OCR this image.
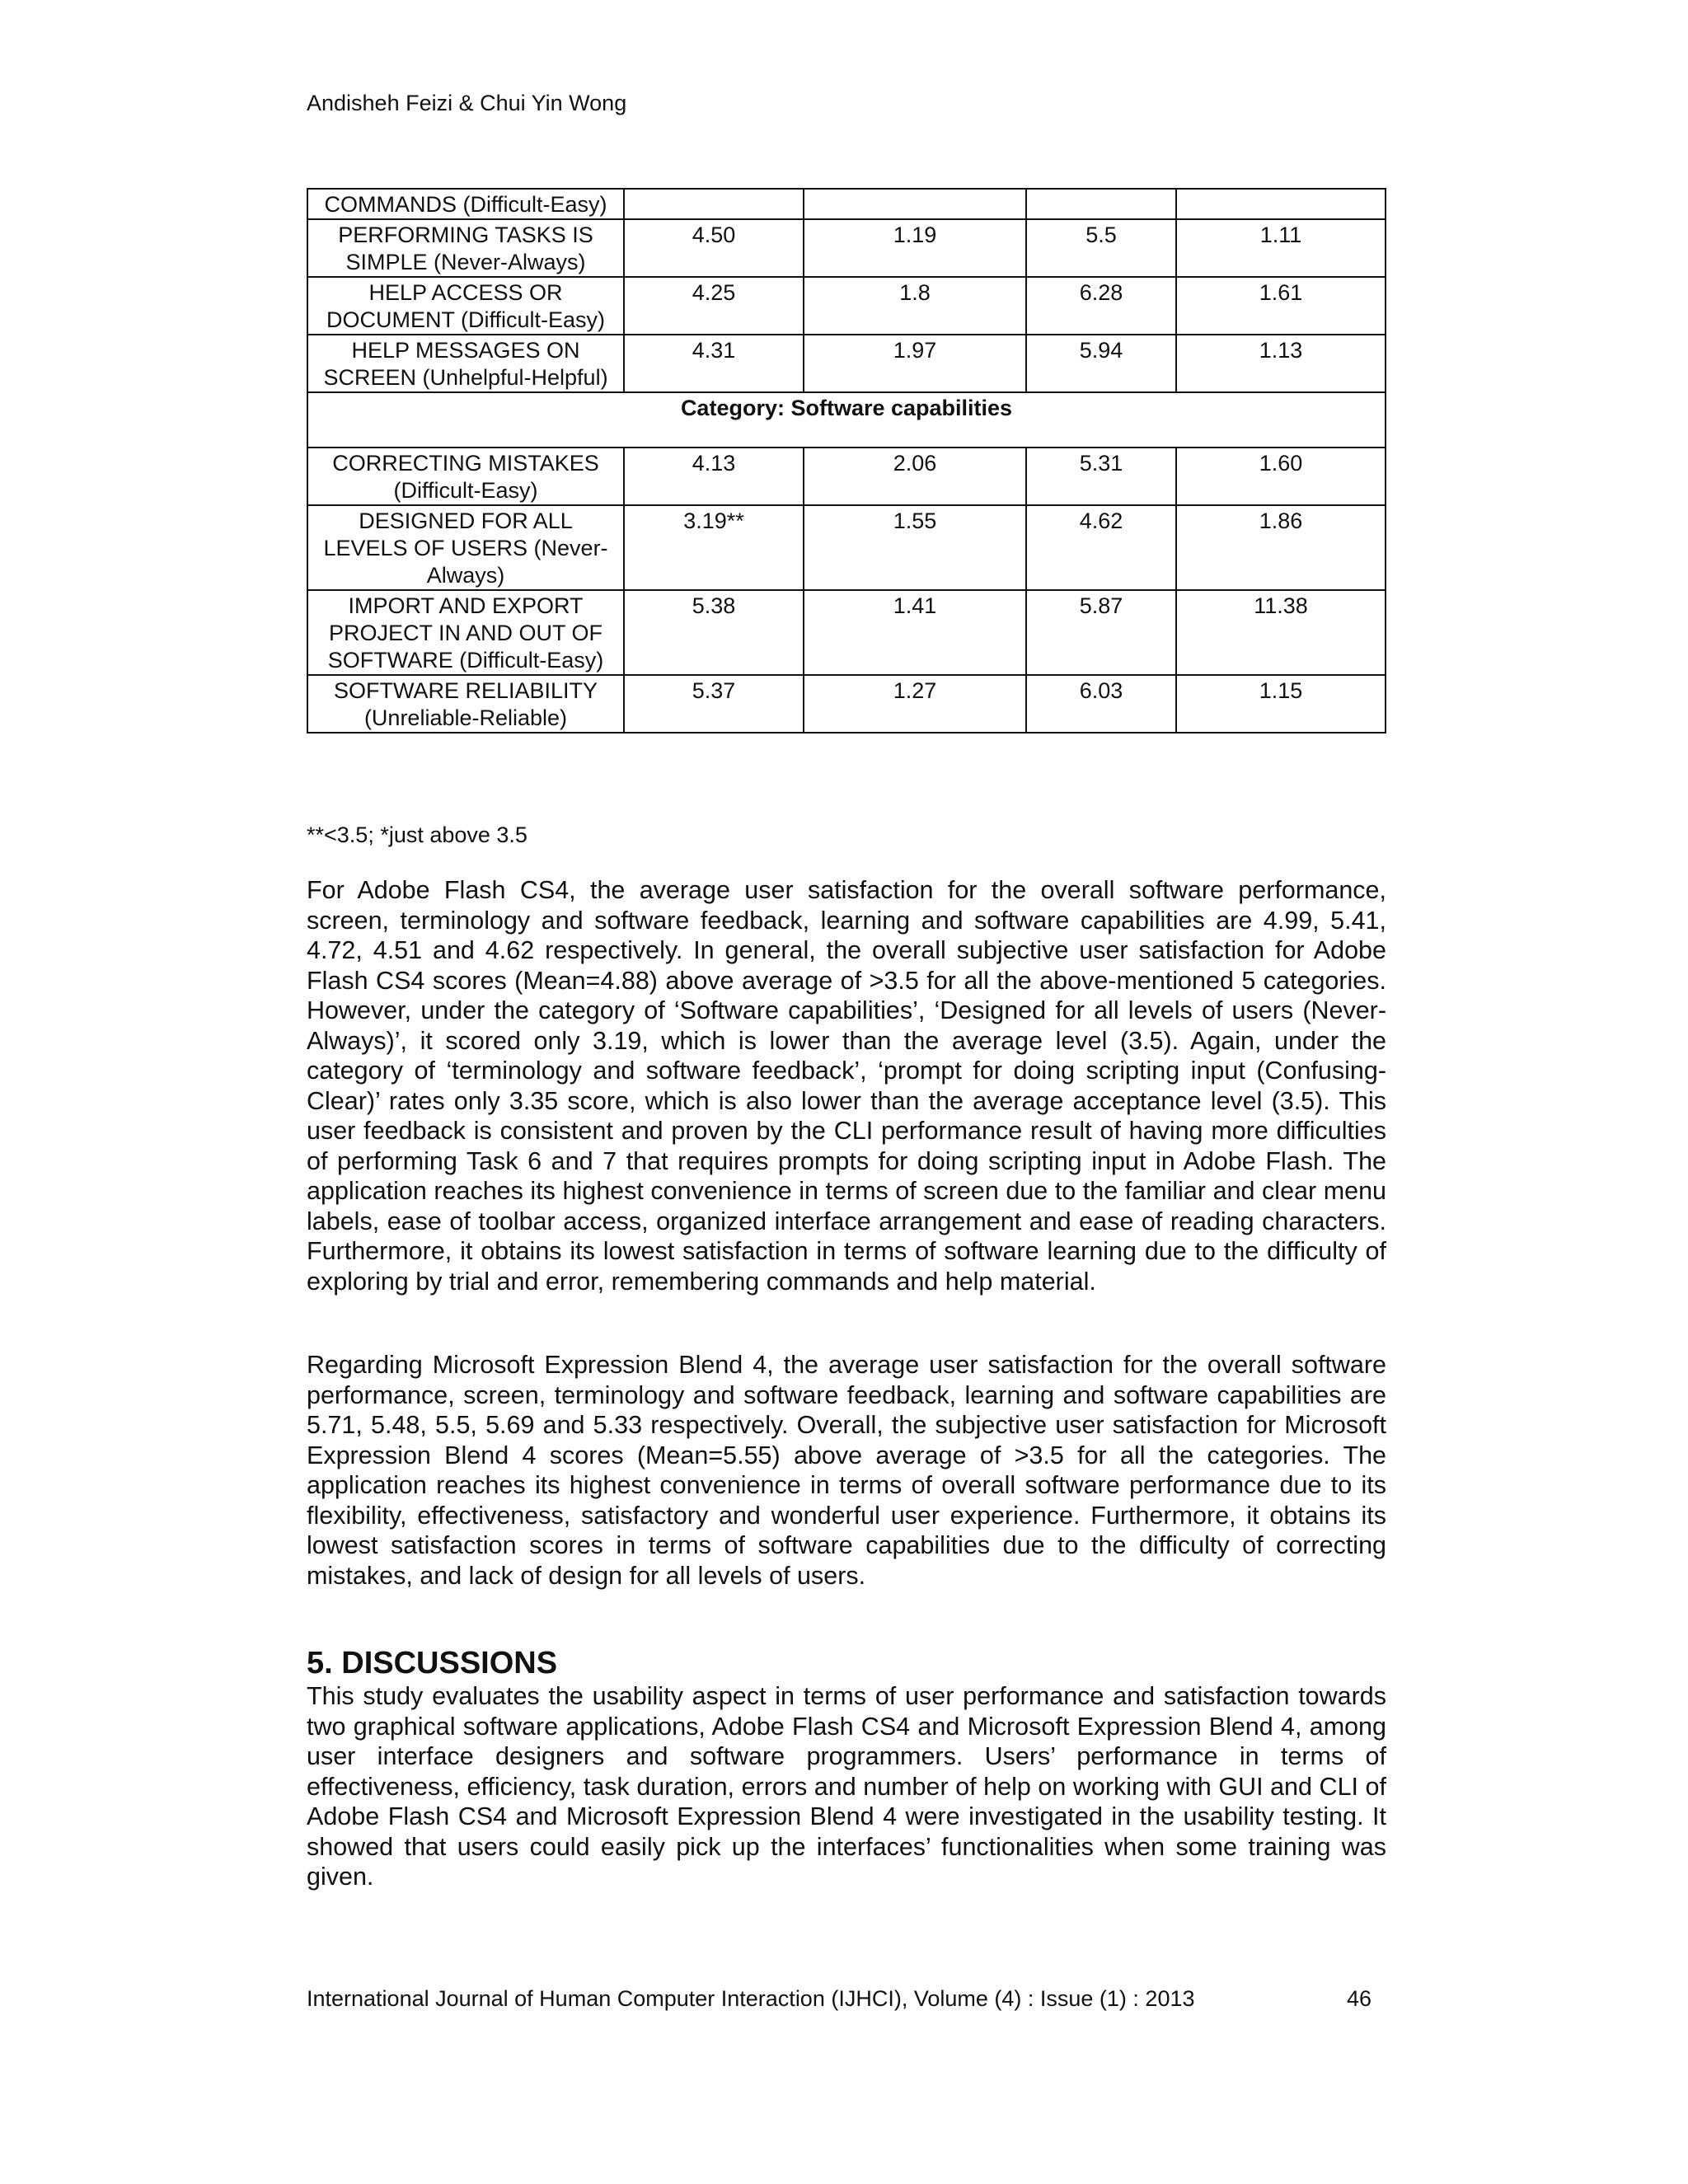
Andisheh Feizi & Chui Yin Wong
COMMANDS (Difficult-Easy)				
PERFORMING TASKS IS SIMPLE (Never-Always)	4.50	1.19	5.5	1.11
HELP ACCESS OR DOCUMENT (Difficult-Easy)	4.25	1.8	6.28	1.61
HELP MESSAGES ON SCREEN (Unhelpful-Helpful)	4.31	1.97	5.94	1.13
Category: Software capabilities				
CORRECTING MISTAKES (Difficult-Easy)	4.13	2.06	5.31	1.60
DESIGNED FOR ALL LEVELS OF USERS (Never-Always)	3.19**	1.55	4.62	1.86
IMPORT AND EXPORT PROJECT IN AND OUT OF SOFTWARE (Difficult-Easy)	5.38	1.41	5.87	11.38
SOFTWARE RELIABILITY (Unreliable-Reliable)	5.37	1.27	6.03	1.15
**<3.5; *just above 3.5

For Adobe Flash CS4, the average user satisfaction for the overall software performance, screen, terminology and software feedback, learning and software capabilities are 4.99, 5.41, 4.72, 4.51 and 4.62 respectively. In general, the overall subjective user satisfaction for Adobe Flash CS4 scores (Mean=4.88) above average of >3.5 for all the above-mentioned 5 categories. However, under the category of ‘Software capabilities’, ‘Designed for all levels of users (Never-Always)’, it scored only 3.19, which is lower than the average level (3.5). Again, under the category of ‘terminology and software feedback’, ‘prompt for doing scripting input (Confusing-Clear)’ rates only 3.35 score, which is also lower than the average acceptance level (3.5). This user feedback is consistent and proven by the CLI performance result of having more difficulties of performing Task 6 and 7 that requires prompts for doing scripting input in Adobe Flash. The application reaches its highest convenience in terms of screen due to the familiar and clear menu labels, ease of toolbar access, organized interface arrangement and ease of reading characters. Furthermore, it obtains its lowest satisfaction in terms of software learning due to the difficulty of exploring by trial and error, remembering commands and help material.

Regarding Microsoft Expression Blend 4, the average user satisfaction for the overall software performance, screen, terminology and software feedback, learning and software capabilities are 5.71, 5.48, 5.5, 5.69 and 5.33 respectively. Overall, the subjective user satisfaction for Microsoft Expression Blend 4 scores (Mean=5.55) above average of >3.5 for all the categories. The application reaches its highest convenience in terms of overall software performance due to its flexibility, effectiveness, satisfactory and wonderful user experience. Furthermore, it obtains its lowest satisfaction scores in terms of software capabilities due to the difficulty of correcting mistakes, and lack of design for all levels of users.

5. DISCUSSIONS

This study evaluates the usability aspect in terms of user performance and satisfaction towards two graphical software applications, Adobe Flash CS4 and Microsoft Expression Blend 4, among user interface designers and software programmers. Users’ performance in terms of effectiveness, efficiency, task duration, errors and number of help on working with GUI and CLI of Adobe Flash CS4 and Microsoft Expression Blend 4 were investigated in the usability testing. It showed that users could easily pick up the interfaces’ functionalities when some training was given.

International Journal of Human Computer Interaction (IJHCI), Volume (4) : Issue (1) : 2013	46
